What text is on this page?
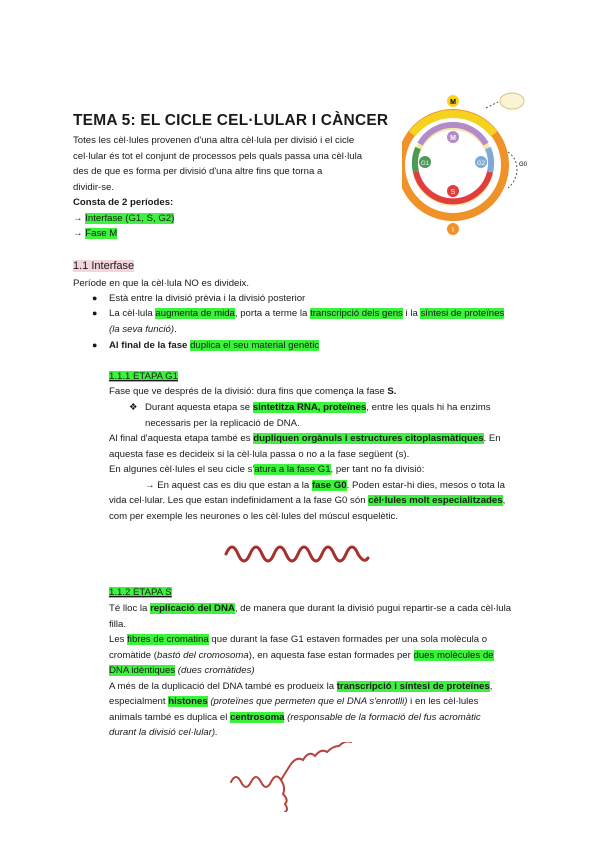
TEMA 5: EL CICLE CEL·LULAR I CÀNCER
Totes les cèl·lules provenen d'una altra cèl·lula per divisió i el cicle
cel·lular és tot el conjunt de processos pels quals passa una cèl·lula
des de que es forma per divisió d'una altre fins que torna a
dividir-se.
Consta de 2 períodes:
→ Interfase (G1, S, G2)
→ Fase M
M
M
G1	G2
S
I
G0
1.1 Interfase
Període en que la cèl·lula NO es divideix.
● Està entre la divisió prèvia i la divisió posterior
● La cèl·lula augmenta de mida, porta a terme la transcripció dels gens i la síntesi de proteïnes
(la seva funció).
● Al final de la fase duplica el seu material genètic
1.1.1 ETAPA G1
Fase que ve després de la divisió: dura fins que comença la fase S.
❖ Durant aquesta etapa se sintetitza RNA, proteïnes, entre les quals hi ha enzims
necessaris per la replicació de DNA.
Al final d'aquesta etapa també es dupliquen orgànuls i estructures citoplasmàtiques. En
aquesta fase es decideix si la cèl·lula passa o no a la fase següent (s).
En algunes cèl·lules el seu cicle s'atura a la fase G1, per tant no fa divisió:
→ En aquest cas es diu que estan a la fase G0. Poden estar-hi dies, mesos o tota la
vida cel·lular. Les que estan indefinidament a la fase G0 són cèl·lules molt especialitzades,
com per exemple les neurones o les cèl·lules del múscul esquelètic.
1.1.2 ETAPA S
Té lloc la replicació del DNA, de manera que durant la divisió pugui repartir-se a cada cèl·lula
filla.
Les fibres de cromatina que durant la fase G1 estaven formades per una sola molècula o
cromàtide (bastó del cromosoma), en aquesta fase estan formades per dues molècules de
DNA idèntiques (dues cromàtides)
A més de la duplicació del DNA també es produeix la transcripció i síntesi de proteïnes,
especialment histones (proteïnes que permeten que el DNA s'enrotlli) i en les cèl·lules
animals també es duplica el centrosoma (responsable de la formació del fus acromàtic
durant la divisió cel·lular).
